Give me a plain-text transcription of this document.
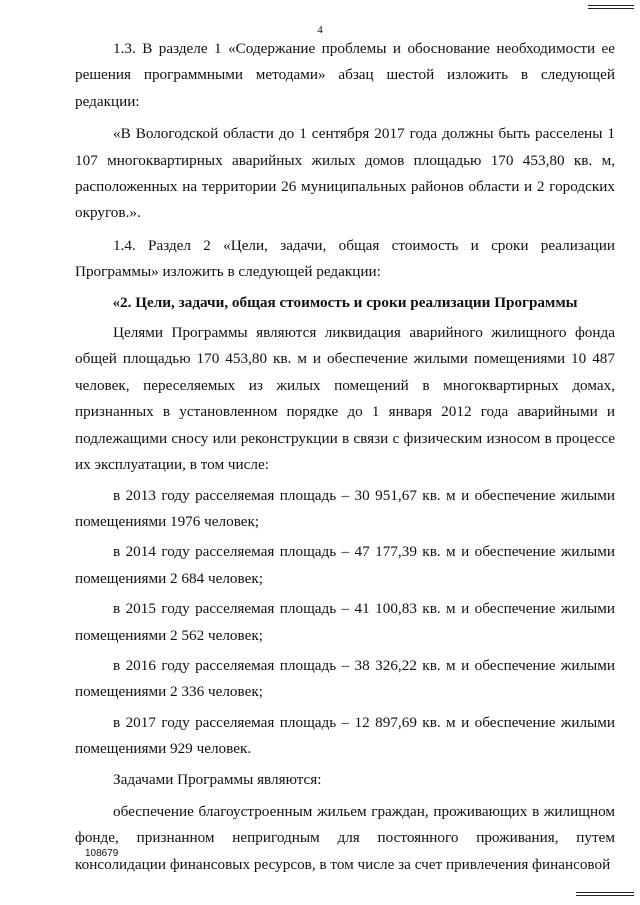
4

1.3. В разделе 1 «Содержание проблемы и обоснование необходимости ее решения программными методами» абзац шестой изложить в следующей редакции:

«В Вологодской области до 1 сентября 2017 года должны быть расселены 1 107 многоквартирных аварийных жилых домов площадью 170 453,80 кв. м, расположенных на территории 26 муниципальных районов области и 2 городских округов.».

1.4. Раздел 2 «Цели, задачи, общая стоимость и сроки реализации Программы» изложить в следующей редакции:

«2. Цели, задачи, общая стоимость и сроки реализации Программы

Целями Программы являются ликвидация аварийного жилищного фонда общей площадью 170 453,80 кв. м и обеспечение жилыми помещениями 10 487 человек, переселяемых из жилых помещений в многоквартирных домах, признанных в установленном порядке до 1 января 2012 года аварийными и подлежащими сносу или реконструкции в связи с физическим износом в процессе их эксплуатации, в том числе:

в 2013 году расселяемая площадь – 30 951,67 кв. м и обеспечение жилыми помещениями 1976 человек;

в 2014 году расселяемая площадь – 47 177,39 кв. м и обеспечение жилыми помещениями 2 684 человек;

в 2015 году расселяемая площадь – 41 100,83 кв. м и обеспечение жилыми помещениями 2 562 человек;

в 2016 году расселяемая площадь – 38 326,22 кв. м и обеспечение жилыми помещениями 2 336 человек;

в 2017 году расселяемая площадь – 12 897,69 кв. м и обеспечение жилыми помещениями 929 человек.

Задачами Программы являются:

обеспечение благоустроенным жильем граждан, проживающих в жилищном фонде, признанном непригодным для постоянного проживания, путем консолидации финансовых ресурсов, в том числе за счет привлечения финансовой

108679
